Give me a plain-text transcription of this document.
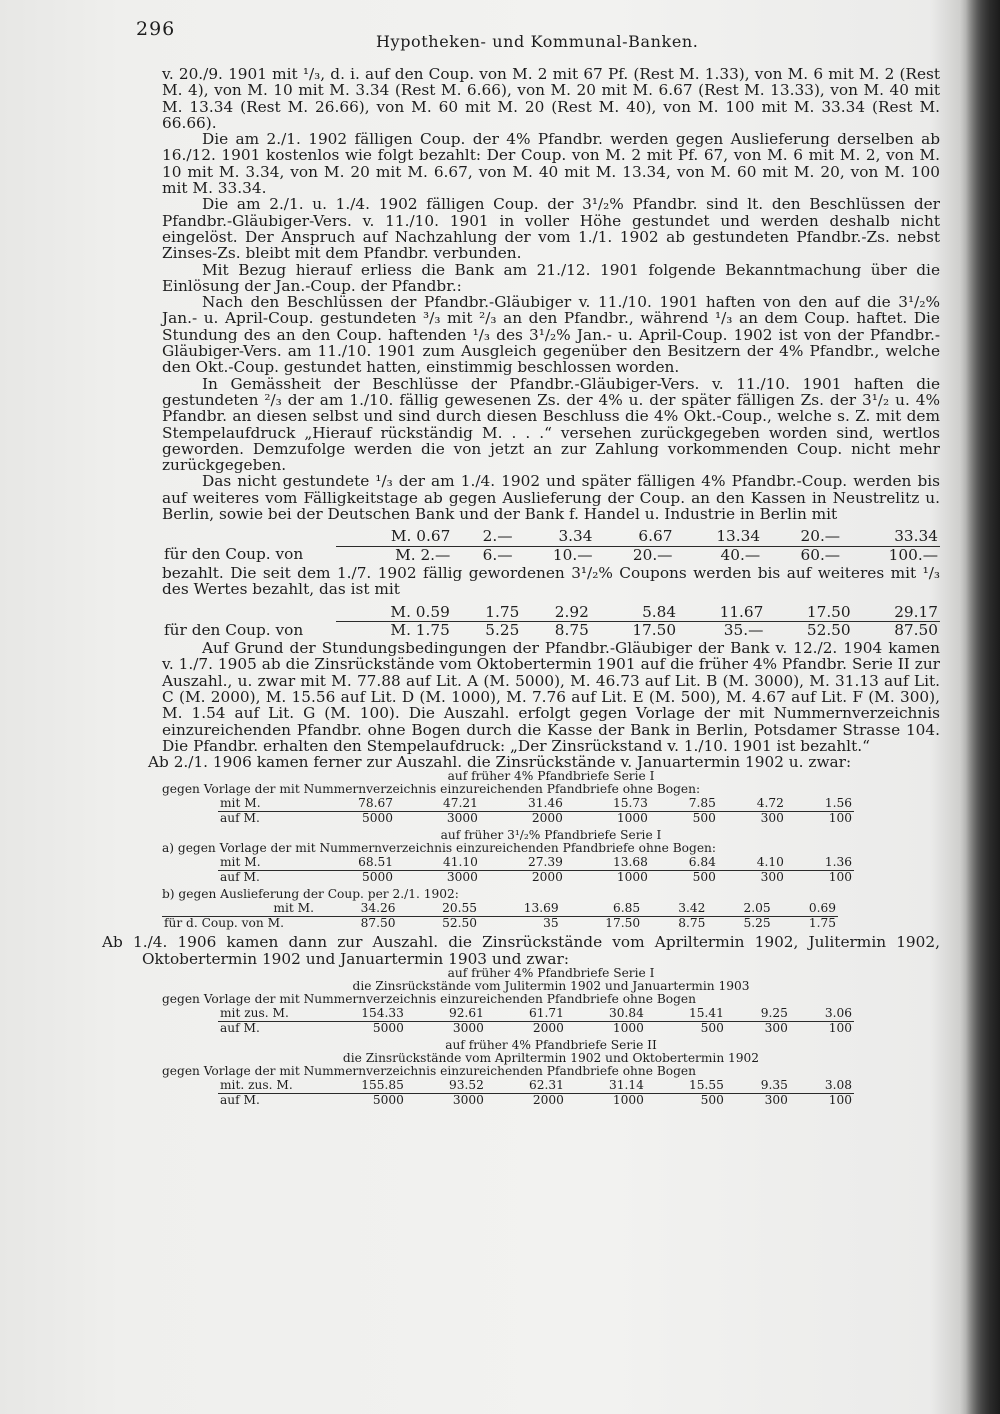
296
Hypotheken- und Kommunal-Banken.

v. 20./9. 1901 mit ¹/₃, d. i. auf den Coup. von M. 2 mit 67 Pf. (Rest M. 1.33), von M. 6 mit M. 2 (Rest M. 4), von M. 10 mit M. 3.34 (Rest M. 6.66), von M. 20 mit M. 6.67 (Rest M. 13.33), von M. 40 mit M. 13.34 (Rest M. 26.66), von M. 60 mit M. 20 (Rest M. 40), von M. 100 mit M. 33.34 (Rest M. 66.66).

Die am 2./1. 1902 fälligen Coup. der 4% Pfandbr. werden gegen Auslieferung derselben ab 16./12. 1901 kostenlos wie folgt bezahlt: Der Coup. von M. 2 mit Pf. 67, von M. 6 mit M. 2, von M. 10 mit M. 3.34, von M. 20 mit M. 6.67, von M. 40 mit M. 13.34, von M. 60 mit M. 20, von M. 100 mit M. 33.34.

Die am 2./1. u. 1./4. 1902 fälligen Coup. der 3¹/₂% Pfandbr. sind lt. den Beschlüssen der Pfandbr.-Gläubiger-Vers. v. 11./10. 1901 in voller Höhe gestundet und werden deshalb nicht eingelöst. Der Anspruch auf Nachzahlung der vom 1./1. 1902 ab gestundeten Pfandbr.-Zs. nebst Zinses-Zs. bleibt mit dem Pfandbr. verbunden.

Mit Bezug hierauf erliess die Bank am 21./12. 1901 folgende Bekanntmachung über die Einlösung der Jan.-Coup. der Pfandbr.:

Nach den Beschlüssen der Pfandbr.-Gläubiger v. 11./10. 1901 haften von den auf die 3¹/₂% Jan.- u. April-Coup. gestundeten ³/₃ mit ²/₃ an den Pfandbr., während ¹/₃ an dem Coup. haftet. Die Stundung des an den Coup. haftenden ¹/₃ des 3¹/₂% Jan.- u. April-Coup. 1902 ist von der Pfandbr.-Gläubiger-Vers. am 11./10. 1901 zum Ausgleich gegenüber den Besitzern der 4% Pfandbr., welche den Okt.-Coup. gestundet hatten, einstimmig beschlossen worden.

In Gemässheit der Beschlüsse der Pfandbr.-Gläubiger-Vers. v. 11./10. 1901 haften die gestundeten ²/₃ der am 1./10. fällig gewesenen Zs. der 4% u. der später fälligen Zs. der 3¹/₂ u. 4% Pfandbr. an diesen selbst und sind durch diesen Beschluss die 4% Okt.-Coup., welche s. Z. mit dem Stempelaufdruck „Hierauf rückständig M. . . .“ versehen zurückgegeben worden sind, wertlos geworden. Demzufolge werden die von jetzt an zur Zahlung vorkommenden Coup. nicht mehr zurückgegeben.

Das nicht gestundete ¹/₃ der am 1./4. 1902 und später fälligen 4% Pfandbr.-Coup. werden bis auf weiteres vom Fälligkeitstage ab gegen Auslieferung der Coup. an den Kassen in Neustrelitz u. Berlin, sowie bei der Deutschen Bank und der Bank f. Handel u. Industrie in Berlin mit

	M. 0.67	2.—	3.34	6.67	13.34	20.—	33.34
für den Coup. von	M. 2.—	6.—	10.—	20.—	40.—	60.—	100.—

bezahlt. Die seit dem 1./7. 1902 fällig gewordenen 3¹/₂% Coupons werden bis auf weiteres mit ¹/₃ des Wertes bezahlt, das ist mit

	M. 0.59	1.75	2.92	5.84	11.67	17.50	29.17
für den Coup. von	M. 1.75	5.25	8.75	17.50	35.—	52.50	87.50

Auf Grund der Stundungsbedingungen der Pfandbr.-Gläubiger der Bank v. 12./2. 1904 kamen v. 1./7. 1905 ab die Zinsrückstände vom Oktobertermin 1901 auf die früher 4% Pfandbr. Serie II zur Auszahl., u. zwar mit M. 77.88 auf Lit. A (M. 5000), M. 46.73 auf Lit. B (M. 3000), M. 31.13 auf Lit. C (M. 2000), M. 15.56 auf Lit. D (M. 1000), M. 7.76 auf Lit. E (M. 500), M. 4.67 auf Lit. F (M. 300), M. 1.54 auf Lit. G (M. 100). Die Auszahl. erfolgt gegen Vorlage der mit Nummernverzeichnis einzureichenden Pfandbr. ohne Bogen durch die Kasse der Bank in Berlin, Potsdamer Strasse 104. Die Pfandbr. erhalten den Stempelaufdruck: „Der Zinsrückstand v. 1./10. 1901 ist bezahlt.“

Ab 2./1. 1906 kamen ferner zur Auszahl. die Zinsrückstände v. Januartermin 1902 u. zwar:

auf früher 4% Pfandbriefe Serie I

gegen Vorlage der mit Nummernverzeichnis einzureichenden Pfandbriefe ohne Bogen:

mit M.	78.67	47.21	31.46	15.73	7.85	4.72	1.56
auf M.	5000	3000	2000	1000	500	300	100

auf früher 3¹/₂% Pfandbriefe Serie I

a) gegen Vorlage der mit Nummernverzeichnis einzureichenden Pfandbriefe ohne Bogen:

mit M.	68.51	41.10	27.39	13.68	6.84	4.10	1.36
auf M.	5000	3000	2000	1000	500	300	100

b) gegen Auslieferung der Coup. per 2./1. 1902:

mit M.	34.26	20.55	13.69	6.85	3.42	2.05	0.69
für d. Coup. von M.	87.50	52.50	35	17.50	8.75	5.25	1.75

Ab 1./4. 1906 kamen dann zur Auszahl. die Zinsrückstände vom Apriltermin 1902, Julitermin 1902, Oktobertermin 1902 und Januartermin 1903 und zwar:

auf früher 4% Pfandbriefe Serie I

die Zinsrückstände vom Julitermin 1902 und Januartermin 1903

gegen Vorlage der mit Nummernverzeichnis einzureichenden Pfandbriefe ohne Bogen

mit zus. M.	154.33	92.61	61.71	30.84	15.41	9.25	3.06
auf M.	5000	3000	2000	1000	500	300	100

auf früher 4% Pfandbriefe Serie II

die Zinsrückstände vom Apriltermin 1902 und Oktobertermin 1902

gegen Vorlage der mit Nummernverzeichnis einzureichenden Pfandbriefe ohne Bogen

mit. zus. M.	155.85	93.52	62.31	31.14	15.55	9.35	3.08
auf M.	5000	3000	2000	1000	500	300	100
